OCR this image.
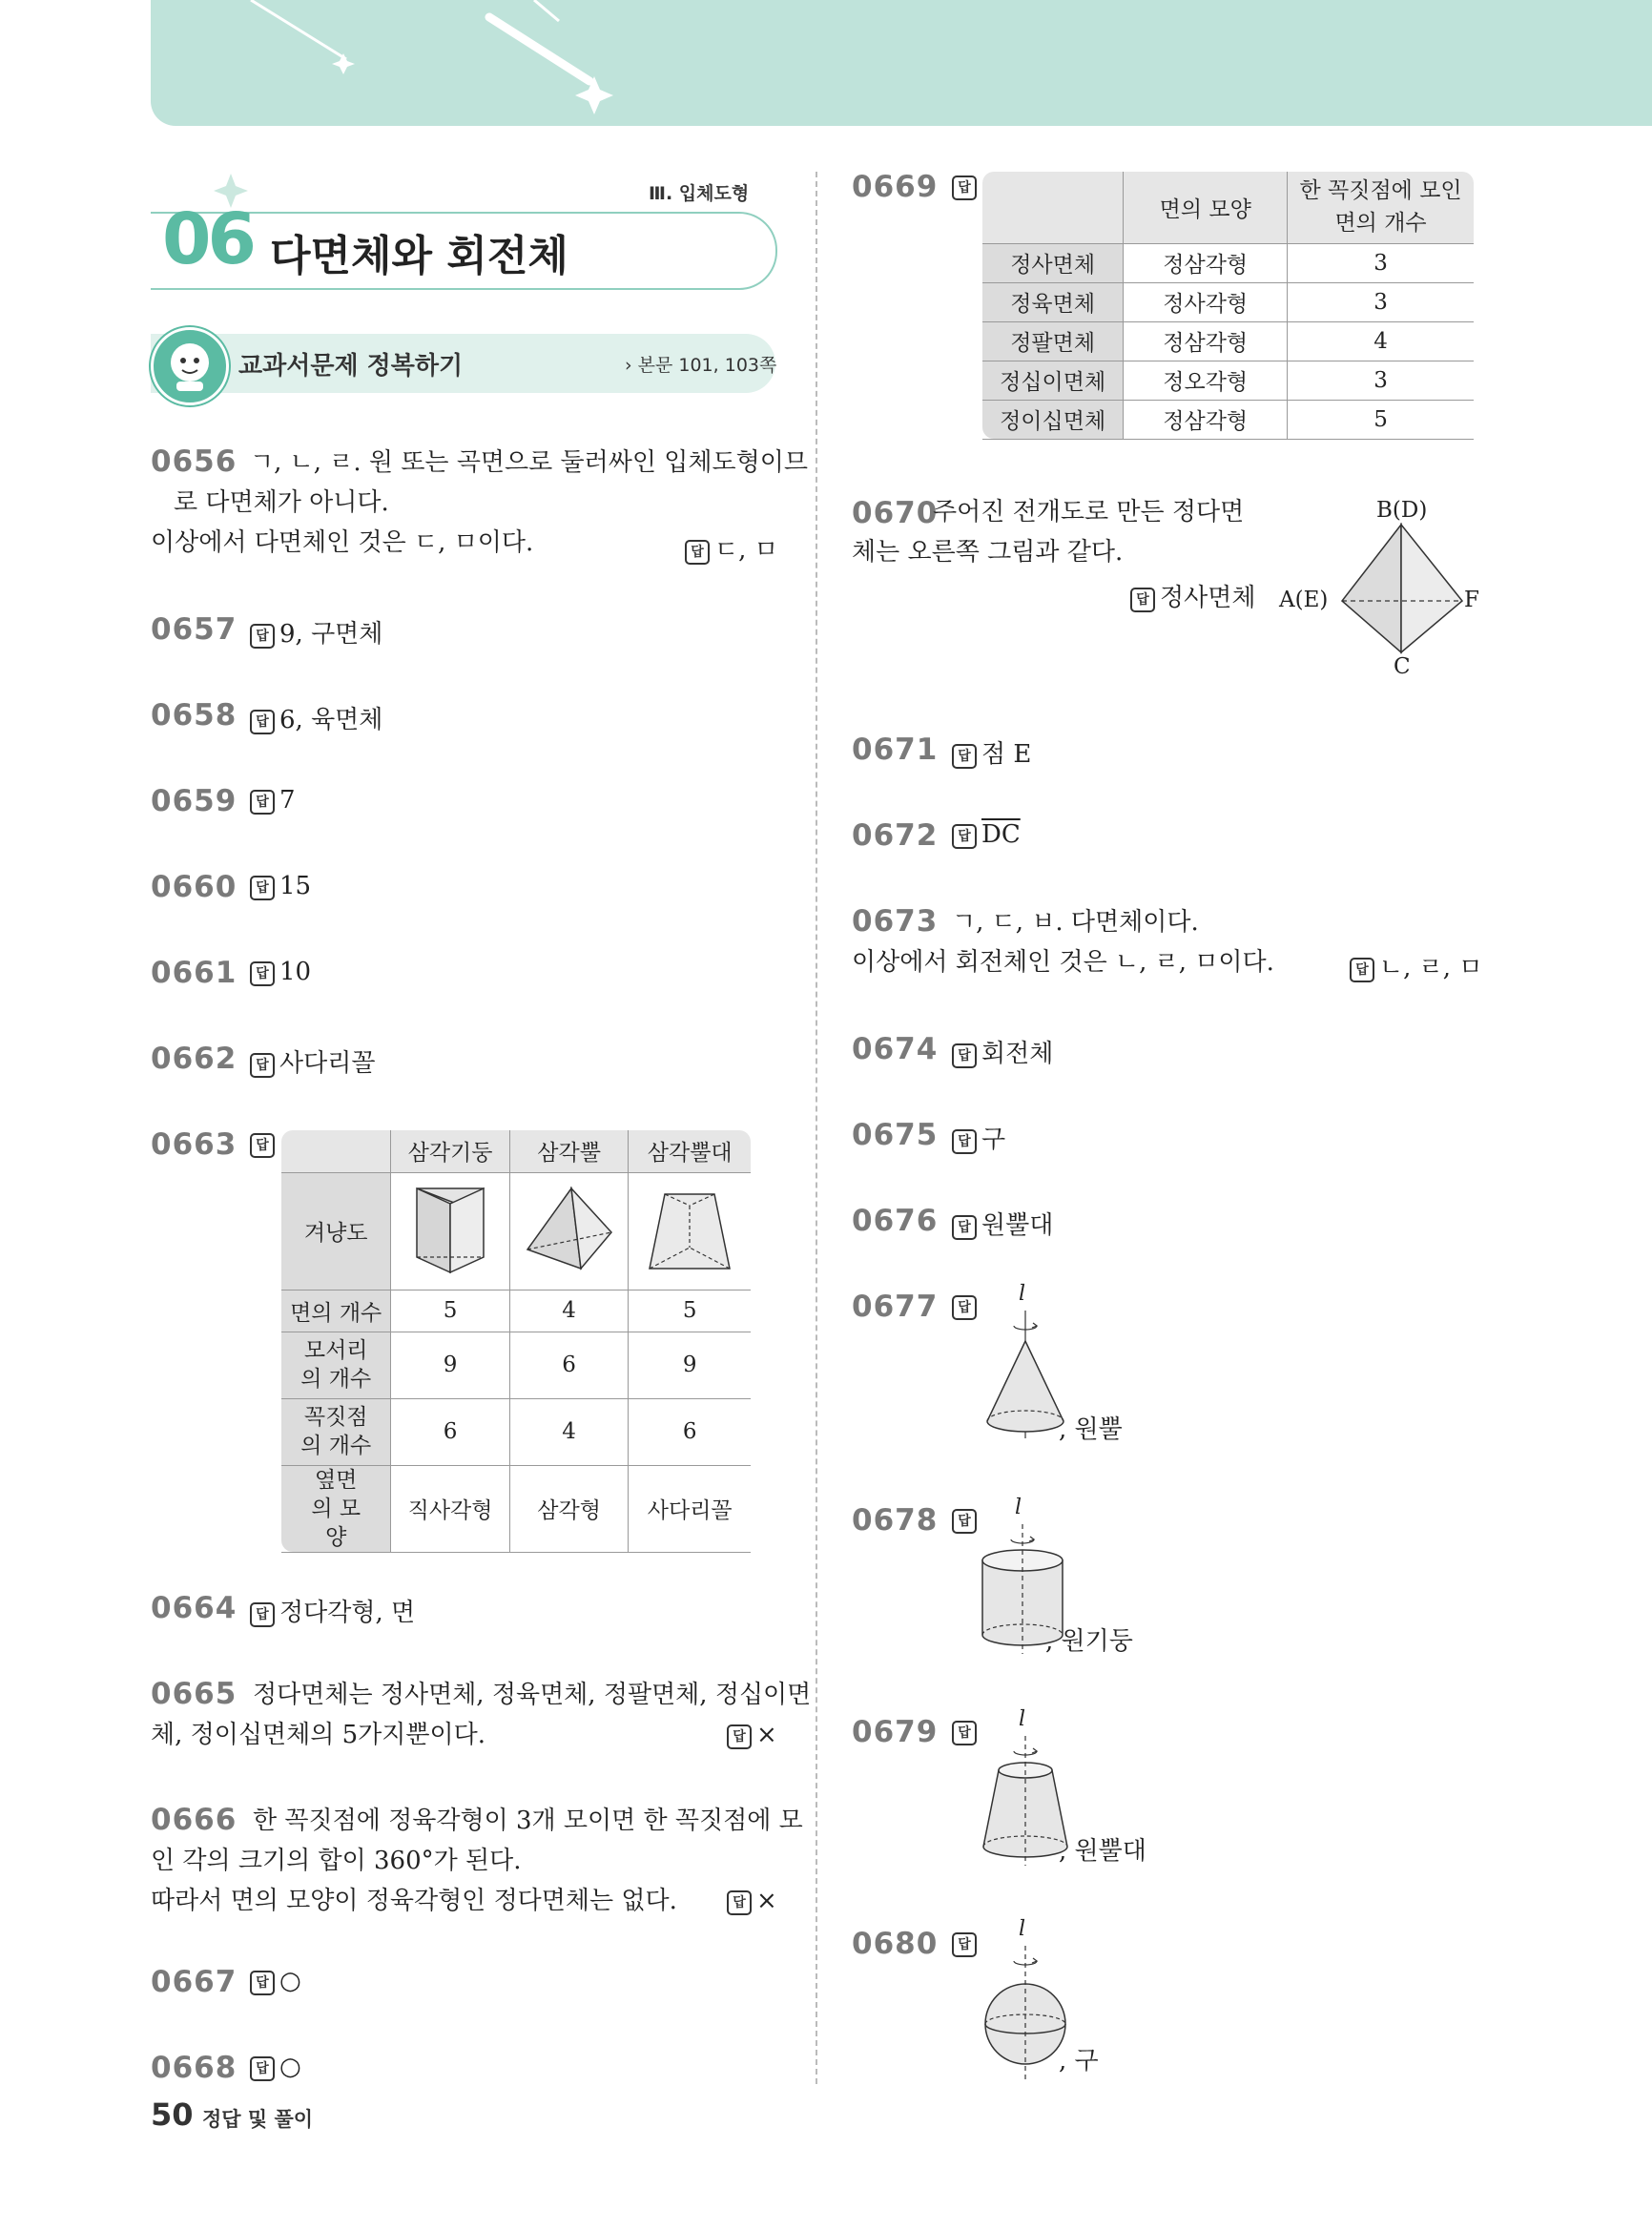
Ⅲ. 입체도형
06 다면체와 회전체
교과서문제 정복하기	› 본문 101, 103쪽
0656 ㄱ, ㄴ, ㄹ. 원 또는 곡면으로 둘러싸인 입체도형이므
로 다면체가 아니다.
이상에서 다면체인 것은 ㄷ, ㅁ이다.	답 ㄷ, ㅁ
0657	답 9, 구면체
0658	답 6, 육면체
0659	답 7
0660	답 15
0661	답 10
0662	답 사다리꼴
0663	답
		삼각기둥	삼각뿔	삼각뿔대
겨냥도			
면의 개수	5	4	5
모서리의 개수	9	6	9
꼭짓점의 개수	6	4	6
옆면의 모양	직사각형	삼각형	사다리꼴
0664	답 정다각형, 면
0665 정다면체는 정사면체, 정육면체, 정팔면체, 정십이면
체, 정이십면체의 5가지뿐이다.	답 ×
0666 한 꼭짓점에 정육각형이 3개 모이면 한 꼭짓점에 모
인 각의 크기의 합이 360°가 된다.
따라서 면의 모양이 정육각형인 정다면체는 없다.	답 ×
0667	답 ○
0668	답 ○
0669	답
	면의 모양	한 꼭짓점에 모인 면의 개수
정사면체	정삼각형	3
정육면체	정사각형	3
정팔면체	정삼각형	4
정십이면체	정오각형	3
정이십면체	정삼각형	5
0670
주어진 전개도로 만든 정다면
체는 오른쪽 그림과 같다.
답 정사면체
B(D)
A(E)	F
C
0671	답 점 E
0672	답 $\overline{DC}$
0673 ㄱ, ㄷ, ㅂ. 다면체이다.
이상에서 회전체인 것은 ㄴ, ㄹ, ㅁ이다.	답 ㄴ, ㄹ, ㅁ
0674	답 회전체
0675	답 구
0676	답 원뿔대
0677	답
l
, 원뿔
0678	답
l
, 원기둥
0679	답
l
, 원뿔대
0680	답
l
, 구
50 정답 및 풀이
